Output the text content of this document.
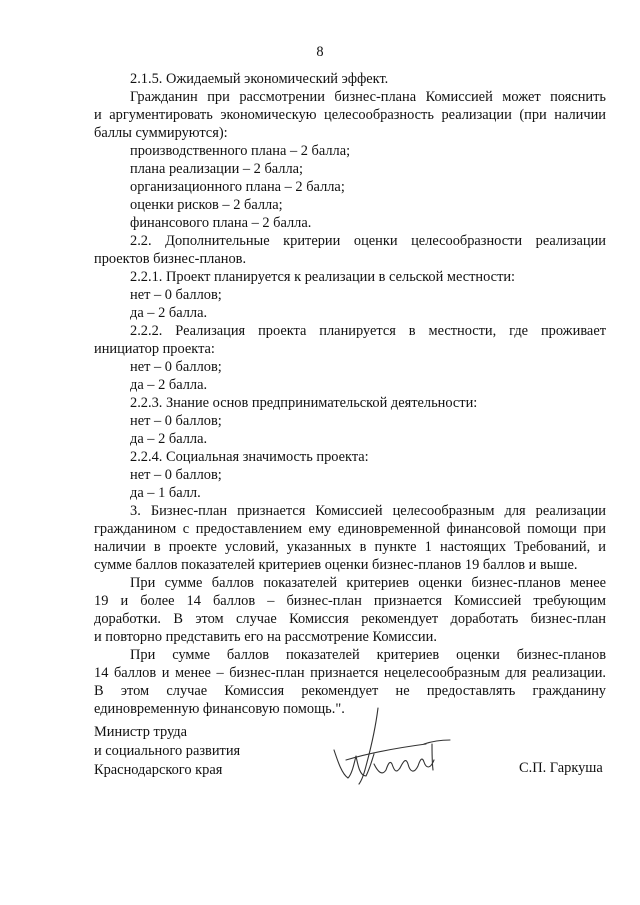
8
2.1.5. Ожидаемый экономический эффект.
Гражданин при рассмотрении бизнес-плана Комиссией может пояснить
и аргументировать экономическую целесообразность реализации (при наличии
баллы суммируются):
производственного плана – 2 балла;
плана реализации – 2 балла;
организационного плана – 2 балла;
оценки рисков – 2 балла;
финансового плана – 2 балла.
2.2. Дополнительные критерии оценки целесообразности реализации
проектов бизнес-планов.
2.2.1. Проект планируется к реализации в сельской местности:
нет – 0 баллов;
да – 2 балла.
2.2.2. Реализация проекта планируется в местности, где проживает
инициатор проекта:
нет – 0 баллов;
да – 2 балла.
2.2.3. Знание основ предпринимательской деятельности:
нет – 0 баллов;
да – 2 балла.
2.2.4. Социальная значимость проекта:
нет – 0 баллов;
да – 1 балл.
3. Бизнес-план признается Комиссией целесообразным для реализации
гражданином с предоставлением ему единовременной финансовой помощи при
наличии в проекте условий, указанных в пункте 1 настоящих Требований, и
сумме баллов показателей критериев оценки бизнес-планов 19 баллов и выше.
При сумме баллов показателей критериев оценки бизнес-планов менее
19 и более 14 баллов – бизнес-план признается Комиссией требующим
доработки. В этом случае Комиссия рекомендует доработать бизнес-план
и повторно представить его на рассмотрение Комиссии.
При сумме баллов показателей критериев оценки бизнес-планов
14 баллов и менее – бизнес-план признается нецелесообразным для реализации.
В этом случае Комиссия рекомендует не предоставлять гражданину
единовременную финансовую помощь.".
Министр труда
и социального развития
Краснодарского края	С.П. Гаркуша
